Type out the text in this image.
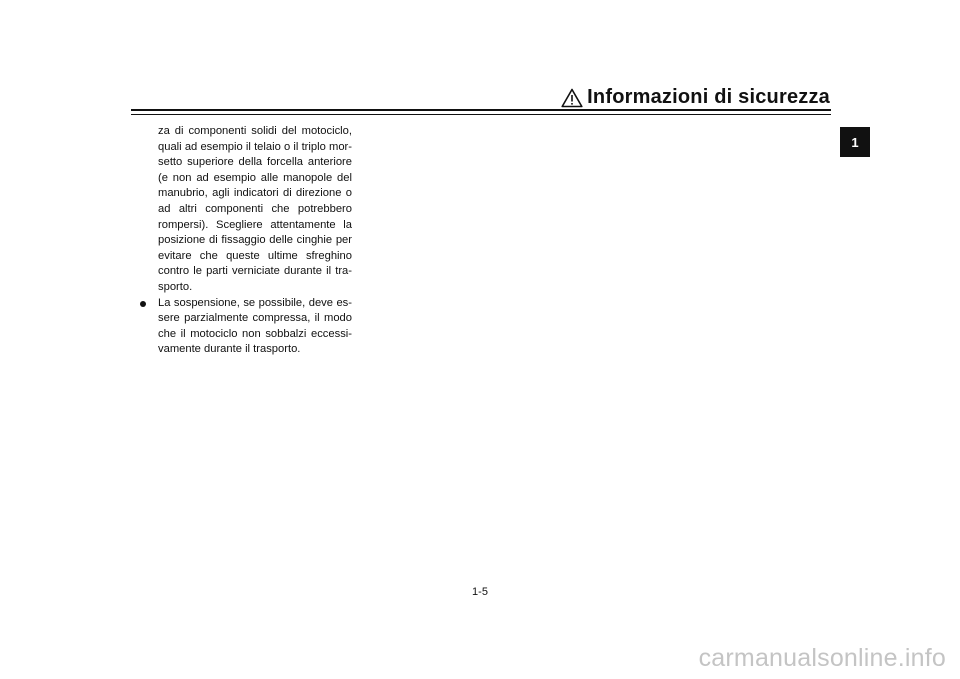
Informazioni di sicurezza
1
za di componenti solidi del motociclo,
quali ad esempio il telaio o il triplo mor-
setto superiore della forcella anteriore
(e non ad esempio alle manopole del
manubrio, agli indicatori di direzione o
ad altri componenti che potrebbero
rompersi). Scegliere attentamente la
posizione di fissaggio delle cinghie per
evitare che queste ultime sfreghino
contro le parti verniciate durante il tra-
sporto.
La sospensione, se possibile, deve es-
sere parzialmente compressa, il modo
che il motociclo non sobbalzi eccessi-
vamente durante il trasporto.
1-5
carmanualsonline.info
